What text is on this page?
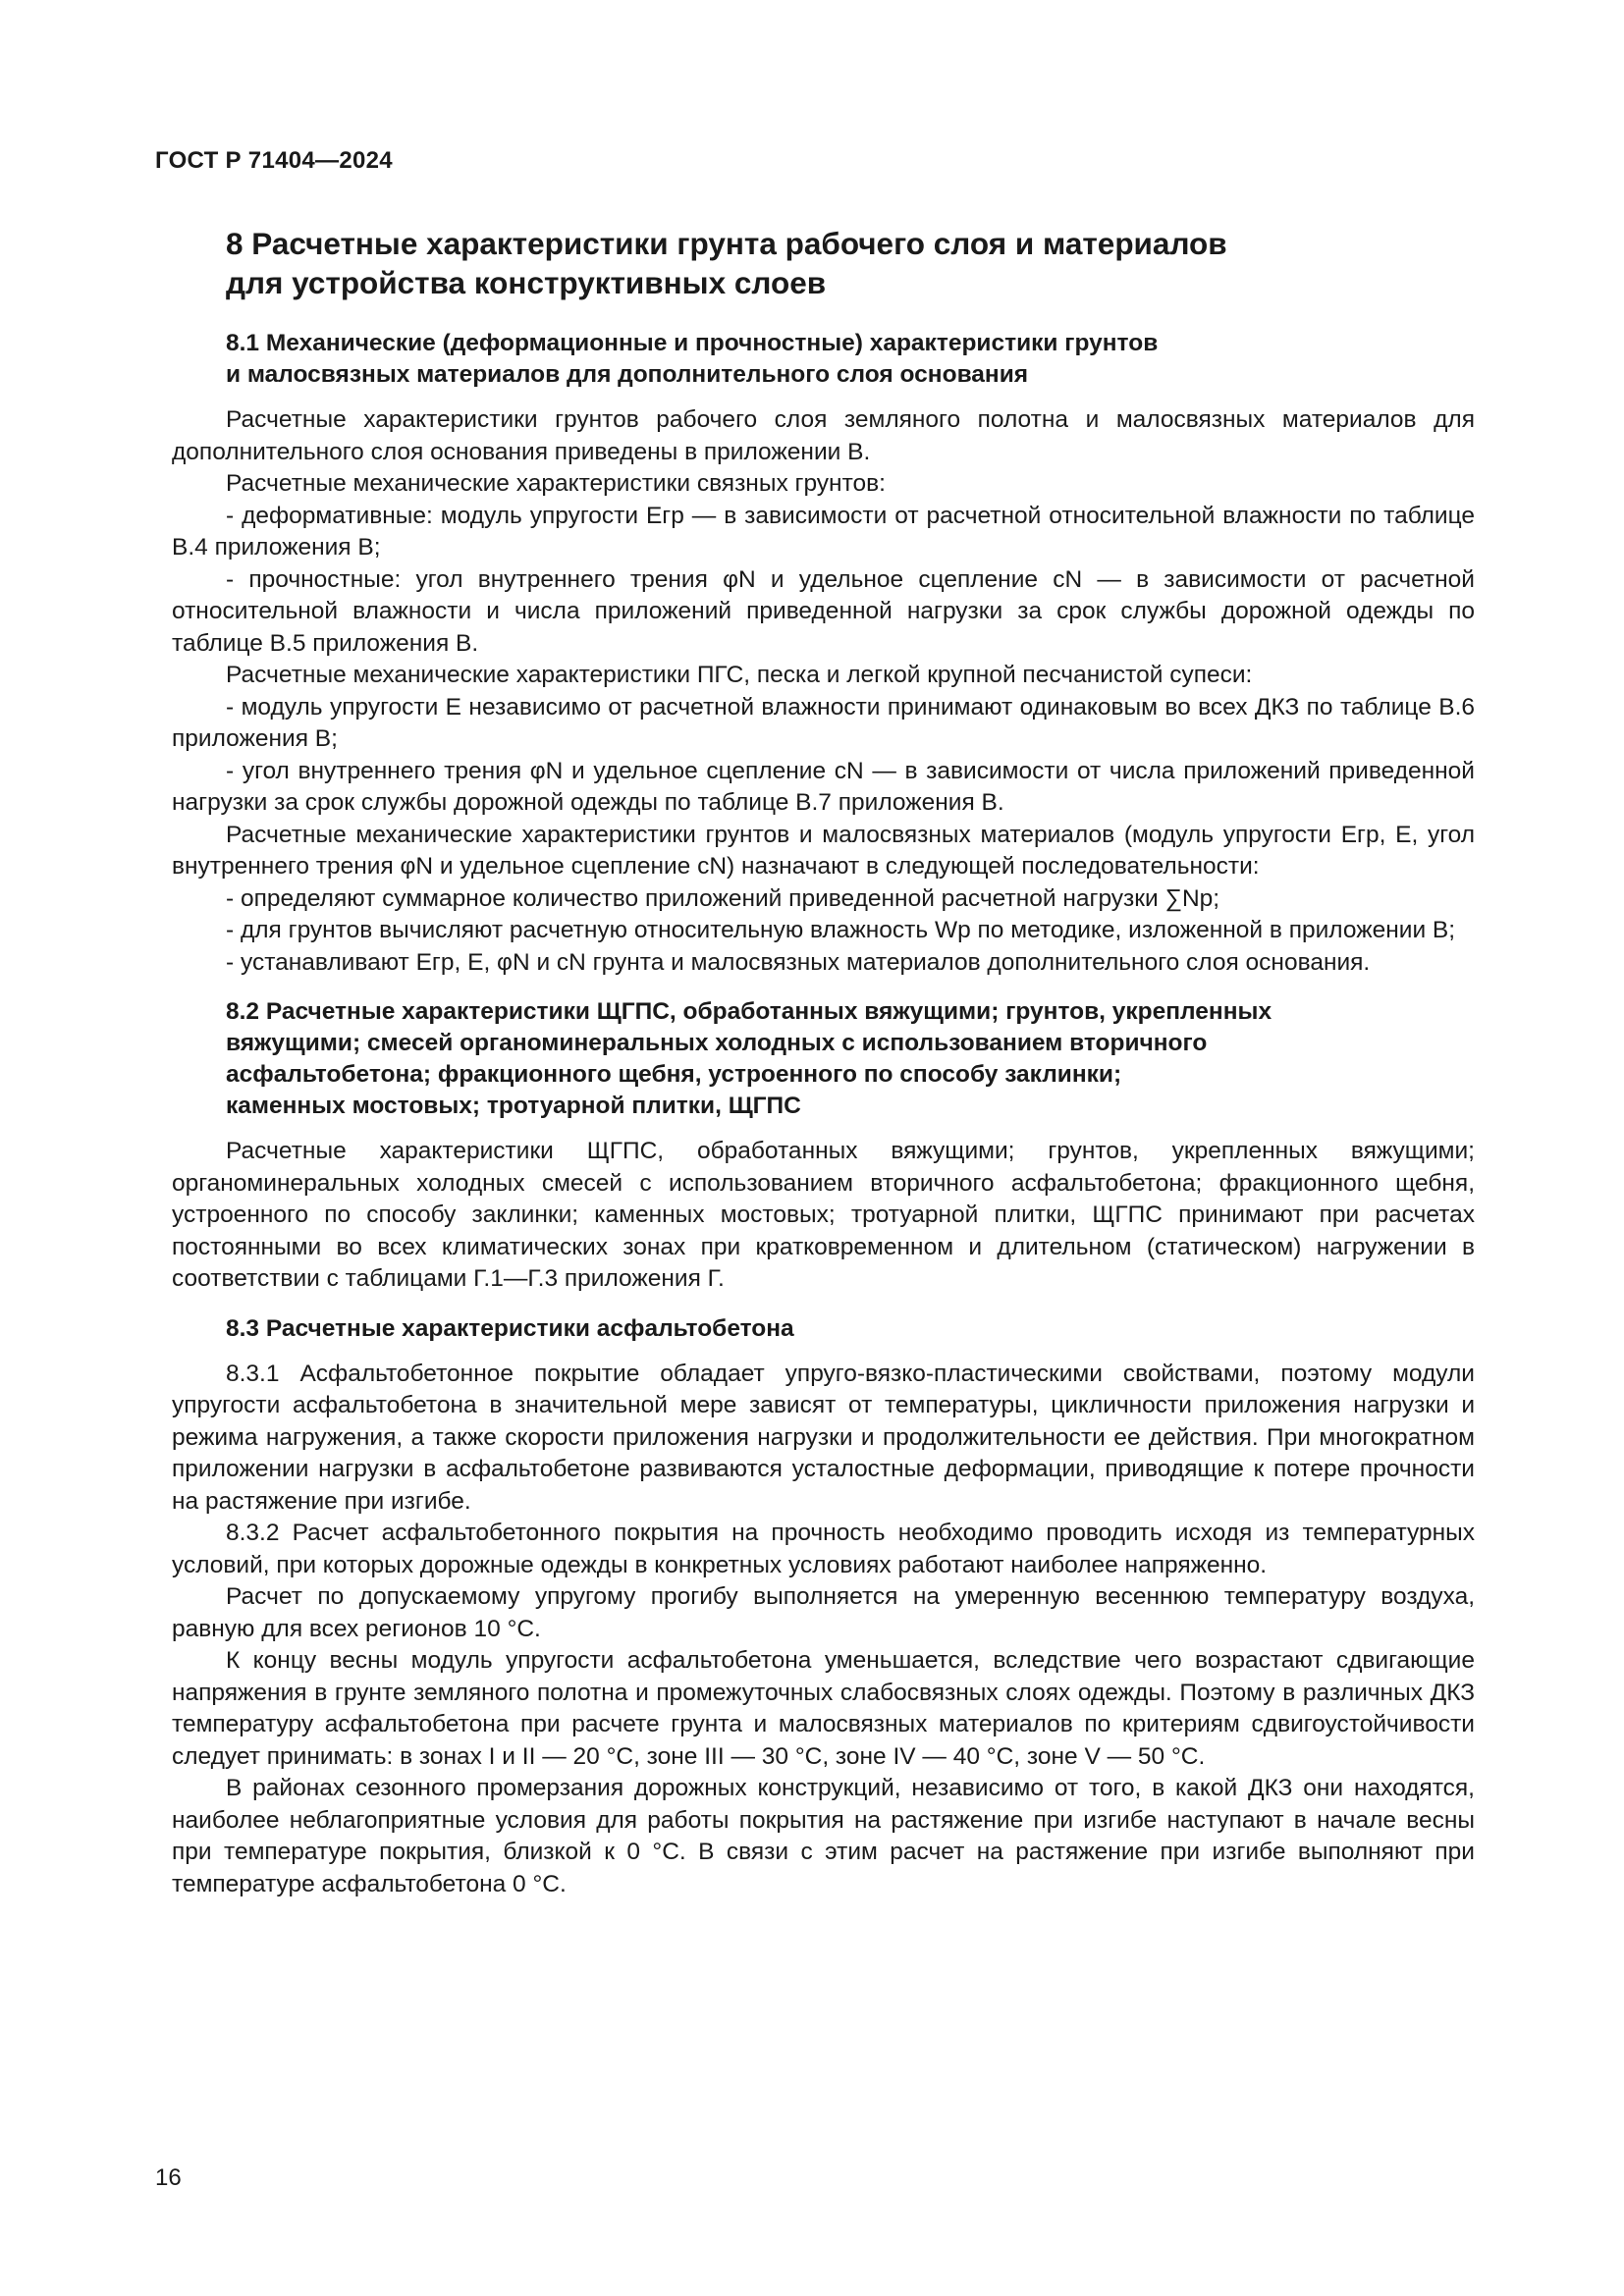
ГОСТ Р 71404—2024
8 Расчетные характеристики грунта рабочего слоя и материалов
для устройства конструктивных слоев
8.1 Механические (деформационные и прочностные) характеристики грунтов
и малосвязных материалов для дополнительного слоя основания

Расчетные характеристики грунтов рабочего слоя земляного полотна и малосвязных материалов для дополнительного слоя основания приведены в приложении В.

Расчетные механические характеристики связных грунтов:

- деформативные: модуль упругости Eгр — в зависимости от расчетной относительной влажности по таблице В.4 приложения В;

- прочностные: угол внутреннего трения φN и удельное сцепление cN — в зависимости от расчетной относительной влажности и числа приложений приведенной нагрузки за срок службы дорожной одежды по таблице В.5 приложения В.

Расчетные механические характеристики ПГС, песка и легкой крупной песчанистой супеси:

- модуль упругости E независимо от расчетной влажности принимают одинаковым во всех ДКЗ по таблице В.6 приложения В;

- угол внутреннего трения φN и удельное сцепление cN — в зависимости от числа приложений приведенной нагрузки за срок службы дорожной одежды по таблице В.7 приложения В.

Расчетные механические характеристики грунтов и малосвязных материалов (модуль упругости Eгр, E, угол внутреннего трения φN и удельное сцепление cN) назначают в следующей последовательности:

- определяют суммарное количество приложений приведенной расчетной нагрузки ∑Nр;

- для грунтов вычисляют расчетную относительную влажность Wр по методике, изложенной в приложении В;

- устанавливают Eгр, E, φN и cN грунта и малосвязных материалов дополнительного слоя основания.

8.2 Расчетные характеристики ЩГПС, обработанных вяжущими; грунтов, укрепленных
вяжущими; смесей органоминеральных холодных с использованием вторичного
асфальтобетона; фракционного щебня, устроенного по способу заклинки;
каменных мостовых; тротуарной плитки, ЩГПС

Расчетные характеристики ЩГПС, обработанных вяжущими; грунтов, укрепленных вяжущими; органоминеральных холодных смесей с использованием вторичного асфальтобетона; фракционного щебня, устроенного по способу заклинки; каменных мостовых; тротуарной плитки, ЩГПС принимают при расчетах постоянными во всех климатических зонах при кратковременном и длительном (статическом) нагружении в соответствии с таблицами Г.1—Г.3 приложения Г.

8.3 Расчетные характеристики асфальтобетона

8.3.1 Асфальтобетонное покрытие обладает упруго-вязко-пластическими свойствами, поэтому модули упругости асфальтобетона в значительной мере зависят от температуры, цикличности приложения нагрузки и режима нагружения, а также скорости приложения нагрузки и продолжительности ее действия. При многократном приложении нагрузки в асфальтобетоне развиваются усталостные деформации, приводящие к потере прочности на растяжение при изгибе.

8.3.2 Расчет асфальтобетонного покрытия на прочность необходимо проводить исходя из температурных условий, при которых дорожные одежды в конкретных условиях работают наиболее напряженно.

Расчет по допускаемому упругому прогибу выполняется на умеренную весеннюю температуру воздуха, равную для всех регионов 10 °С.

К концу весны модуль упругости асфальтобетона уменьшается, вследствие чего возрастают сдвигающие напряжения в грунте земляного полотна и промежуточных слабосвязных слоях одежды. Поэтому в различных ДКЗ температуру асфальтобетона при расчете грунта и малосвязных материалов по критериям сдвигоустойчивости следует принимать: в зонах I и II — 20 °С, зоне III — 30 °С, зоне IV — 40 °С, зоне V — 50 °С.

В районах сезонного промерзания дорожных конструкций, независимо от того, в какой ДКЗ они находятся, наиболее неблагоприятные условия для работы покрытия на растяжение при изгибе наступают в начале весны при температуре покрытия, близкой к 0 °С. В связи с этим расчет на растяжение при изгибе выполняют при температуре асфальтобетона 0 °С.

16
